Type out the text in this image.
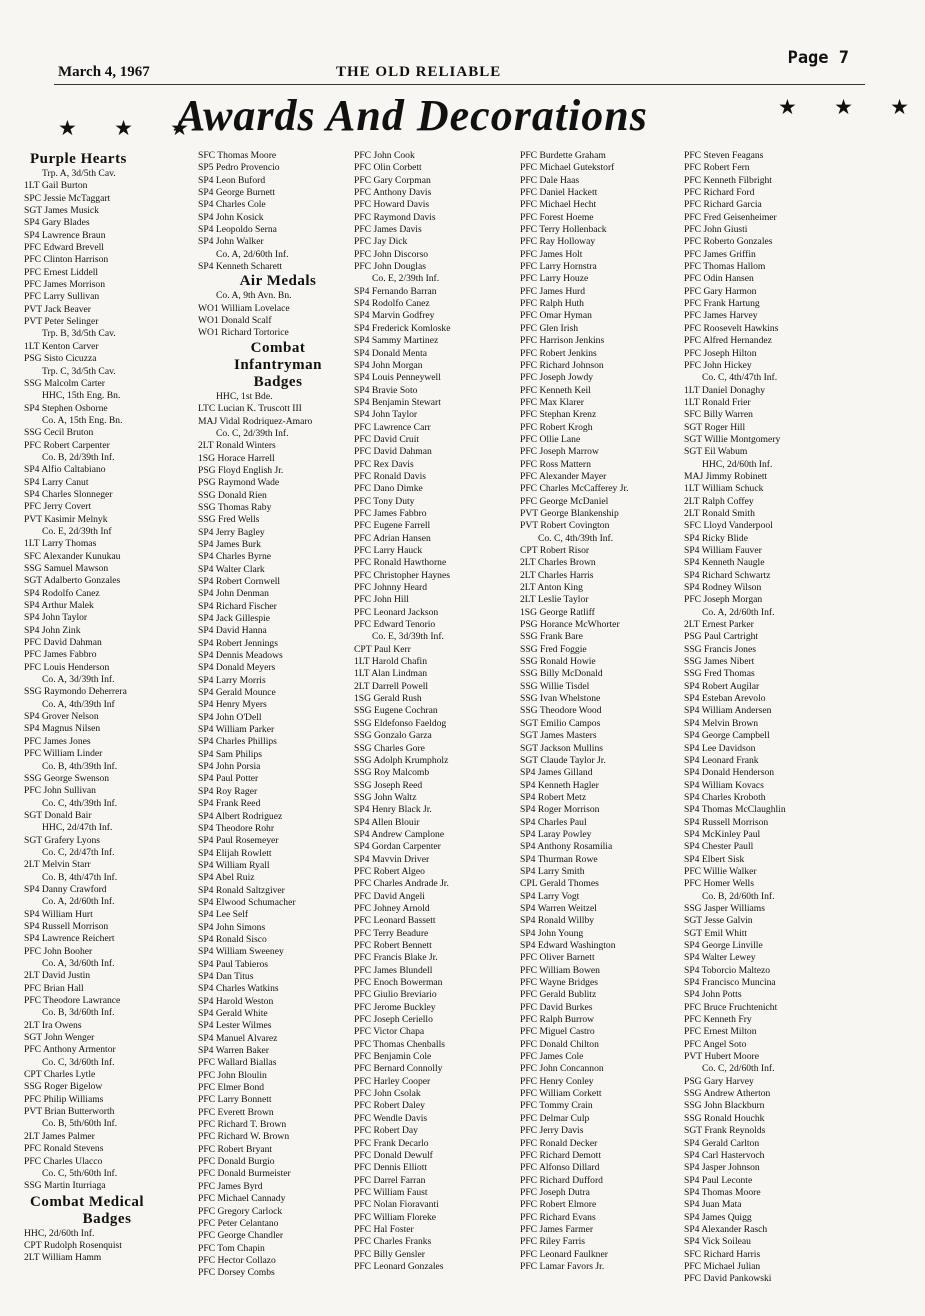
March 4, 1967	THE OLD RELIABLE
Page 7
★ ★ ★
★ ★ ★
Awards And Decorations
Purple Hearts
Trp. A, 3d/5th Cav.
1LT Gail Burton
SPC Jessie McTaggart
SGT James Musick
SP4 Gary Blades
SP4 Lawrence Braun
PFC Edward Brevell
PFC Clinton Harrison
PFC Ernest Liddell
PFC James Morrison
PFC Larry Sullivan
PVT Jack Beaver
PVT Peter Selinger
Trp. B, 3d/5th Cav.
1LT Kenton Carver
PSG Sisto Cicuzza
Trp. C, 3d/5th Cav.
SSG Malcolm Carter
HHC, 15th Eng. Bn.
SP4 Stephen Osborne
Co. A, 15th Eng. Bn.
SSG Cecil Bruton
PFC Robert Carpenter
Co. B, 2d/39th Inf.
SP4 Alfio Caltabiano
SP4 Larry Canut
SP4 Charles Slonneger
PFC Jerry Covert
PVT Kasimir Melnyk
Co. E, 2d/39th Inf
1LT Larry Thomas
SFC Alexander Kunukau
SSG Samuel Mawson
SGT Adalberto Gonzales
SP4 Rodolfo Canez
SP4 Arthur Malek
SP4 John Taylor
SP4 John Zink
PFC David Dahman
PFC James Fabbro
PFC Louis Henderson
Co. A, 3d/39th Inf.
SSG Raymondo Deherrera
Co. A, 4th/39th Inf
SP4 Grover Nelson
SP4 Magnus Nilsen
PFC James Jones
PFC William Linder
Co. B, 4th/39th Inf.
SSG George Swenson
PFC John Sullivan
Co. C, 4th/39th Inf.
SGT Donald Bair
HHC, 2d/47th Inf.
SGT Grafery Lyons
Co. C, 2d/47th Inf.
2LT Melvin Starr
Co. B, 4th/47th Inf.
SP4 Danny Crawford
Co. A, 2d/60th Inf.
SP4 William Hurt
SP4 Russell Morrison
SP4 Lawrence Reichert
PFC John Booher
Co. A, 3d/60th Inf.
2LT David Justin
PFC Brian Hall
PFC Theodore Lawrance
Co. B, 3d/60th Inf.
2LT Ira Owens
SGT John Wenger
PFC Anthony Armentor
Co. C, 3d/60th Inf.
CPT Charles Lytle
SSG Roger Bigelow
PFC Philip Williams
PVT Brian Butterworth
Co. B, 5th/60th Inf.
2LT James Palmer
PFC Ronald Stevens
PFC Charles Ulacco
Co. C, 5th/60th Inf.
SSG Martin Iturriaga
Combat Medical
Badges
HHC, 2d/60th Inf.
CPT Rudolph Rosenquist
2LT William Hamm
SFC Thomas Moore
SP5 Pedro Provencio
SP4 Leon Buford
SP4 George Burnett
SP4 Charles Cole
SP4 John Kosick
SP4 Leopoldo Serna
SP4 John Walker
Co. A, 2d/60th Inf.
SP4 Kenneth Scharett
Air Medals
Co. A, 9th Avn. Bn.
WO1 William Lovelace
WO1 Donald Scalf
WO1 Richard Tortorice
Combat
Infantryman
Badges
HHC, 1st Bde.
LTC Lucian K. Truscott III
MAJ Vidal Rodriquez-Amaro
Co. C, 2d/39th Inf.
2LT Ronald Winters
1SG Horace Harrell
PSG Floyd English Jr.
PSG Raymond Wade
SSG Donald Rien
SSG Thomas Raby
SSG Fred Wells
SP4 Jerry Bagley
SP4 James Burk
SP4 Charles Byrne
SP4 Walter Clark
SP4 Robert Cornwell
SP4 John Denman
SP4 Richard Fischer
SP4 Jack Gillespie
SP4 David Hanna
SP4 Robert Jennings
SP4 Dennis Meadows
SP4 Donald Meyers
SP4 Larry Morris
SP4 Gerald Mounce
SP4 Henry Myers
SP4 John O'Dell
SP4 William Parker
SP4 Charles Phillips
SP4 Sam Philips
SP4 John Porsia
SP4 Paul Potter
SP4 Roy Rager
SP4 Frank Reed
SP4 Albert Rodriguez
SP4 Theodore Rohr
SP4 Paul Rosemeyer
SP4 Elijah Rowlett
SP4 William Ryall
SP4 Abel Ruiz
SP4 Ronald Saltzgiver
SP4 Elwood Schumacher
SP4 Lee Self
SP4 John Simons
SP4 Ronald Sisco
SP4 William Sweeney
SP4 Paul Tabieros
SP4 Dan Titus
SP4 Charles Watkins
SP4 Harold Weston
SP4 Gerald White
SP4 Lester Wilmes
SP4 Manuel Alvarez
SP4 Warren Baker
PFC Wallard Biallas
PFC John Bloulin
PFC Elmer Bond
PFC Larry Bonnett
PFC Everett Brown
PFC Richard T. Brown
PFC Richard W. Brown
PFC Robert Bryant
PFC Donald Burgio
PFC Donald Burmeister
PFC James Byrd
PFC Michael Cannady
PFC Gregory Carlock
PFC Peter Celantano
PFC George Chandler
PFC Tom Chapin
PFC Hector Collazo
PFC Dorsey Combs
PFC John Cook
PFC Olin Corbett
PFC Gary Corpman
PFC Anthony Davis
PFC Howard Davis
PFC Raymond Davis
PFC James Davis
PFC Jay Dick
PFC John Discorso
PFC John Douglas
Co. E, 2/39th Inf.
SP4 Fernando Barran
SP4 Rodolfo Canez
SP4 Marvin Godfrey
SP4 Frederick Komloske
SP4 Sammy Martinez
SP4 Donald Menta
SP4 John Morgan
SP4 Louis Penneywell
SP4 Bravie Soto
SP4 Benjamin Stewart
SP4 John Taylor
PFC Lawrence Carr
PFC David Cruit
PFC David Dahman
PFC Rex Davis
PFC Ronald Davis
PFC Dano Dimke
PFC Tony Duty
PFC James Fabbro
PFC Eugene Farrell
PFC Adrian Hansen
PFC Larry Hauck
PFC Ronald Hawthorne
PFC Christopher Haynes
PFC Johnny Heard
PFC John Hill
PFC Leonard Jackson
PFC Edward Tenorio
Co. E, 3d/39th Inf.
CPT Paul Kerr
1LT Harold Chafin
1LT Alan Lindman
2LT Darrell Powell
1SG Gerald Rush
SSG Eugene Cochran
SSG Eldefonso Faeldog
SSG Gonzalo Garza
SSG Charles Gore
SSG Adolph Krumpholz
SSG Roy Malcomb
SSG Joseph Reed
SSG John Waltz
SP4 Henry Black Jr.
SP4 Allen Blouir
SP4 Andrew Camplone
SP4 Gordan Carpenter
SP4 Mavvin Driver
PFC Robert Algeo
PFC Charles Andrade Jr.
PFC David Angeli
PFC Johney Arnold
PFC Leonard Bassett
PFC Terry Beadure
PFC Robert Bennett
PFC Francis Blake Jr.
PFC James Blundell
PFC Enoch Bowerman
PFC Giulio Breviario
PFC Jerome Buckley
PFC Joseph Ceriello
PFC Victor Chapa
PFC Thomas Chenballs
PFC Benjamin Cole
PFC Bernard Connolly
PFC Harley Cooper
PFC John Csolak
PFC Robert Daley
PFC Wendle Davis
PFC Robert Day
PFC Frank Decarlo
PFC Donald Dewulf
PFC Dennis Elliott
PFC Darrel Farran
PFC William Faust
PFC Nolan Fioravanti
PFC William Floreke
PFC Hal Foster
PFC Charles Franks
PFC Billy Gensler
PFC Leonard Gonzales
PFC Burdette Graham
PFC Michael Gutekstorf
PFC Dale Haas
PFC Daniel Hackett
PFC Michael Hecht
PFC Forest Hoeme
PFC Terry Hollenback
PFC Ray Holloway
PFC James Holt
PFC Larry Hornstra
PFC Larry Houze
PFC James Hurd
PFC Ralph Huth
PFC Omar Hyman
PFC Glen Irish
PFC Harrison Jenkins
PFC Robert Jenkins
PFC Richard Johnson
PFC Joseph Jowdy
PFC Kenneth Keil
PFC Max Klarer
PFC Stephan Krenz
PFC Robert Krogh
PFC Ollie Lane
PFC Joseph Marrow
PFC Ross Mattern
PFC Alexander Mayer
PFC Charles McCafferey Jr.
PFC George McDaniel
PVT George Blankenship
PVT Robert Covington
Co. C, 4th/39th Inf.
CPT Robert Risor
2LT Charles Brown
2LT Charles Harris
2LT Anton King
2LT Leslie Taylor
1SG George Ratliff
PSG Horance McWhorter
SSG Frank Bare
SSG Fred Foggie
SSG Ronald Howie
SSG Billy McDonald
SSG Willie Tisdel
SSG Ivan Whelstone
SSG Theodore Wood
SGT Emilio Campos
SGT James Masters
SGT Jackson Mullins
SGT Claude Taylor Jr.
SP4 James Gilland
SP4 Kenneth Hagler
SP4 Robert Metz
SP4 Roger Morrison
SP4 Charles Paul
SP4 Laray Powley
SP4 Anthony Rosamilia
SP4 Thurman Rowe
SP4 Larry Smith
CPL Gerald Thomes
SP4 Larry Vogt
SP4 Warren Weitzel
SP4 Ronald Willby
SP4 John Young
SP4 Edward Washington
PFC Oliver Barnett
PFC William Bowen
PFC Wayne Bridges
PFC Gerald Bublitz
PFC David Burkes
PFC Ralph Burrow
PFC Miguel Castro
PFC Donald Chilton
PFC James Cole
PFC John Concannon
PFC Henry Conley
PFC William Corkett
PFC Tommy Crain
PFC Delmar Culp
PFC Jerry Davis
PFC Ronald Decker
PFC Richard Demott
PFC Alfonso Dillard
PFC Richard Dufford
PFC Joseph Dutra
PFC Robert Elmore
PFC Richard Evans
PFC James Farmer
PFC Riley Farris
PFC Leonard Faulkner
PFC Lamar Favors Jr.
PFC Steven Feagans
PFC Robert Fern
PFC Kenneth Filbright
PFC Richard Ford
PFC Richard Garcia
PFC Fred Geisenheimer
PFC John Giusti
PFC Roberto Gonzales
PFC James Griffin
PFC Thomas Hallom
PFC Odin Hansen
PFC Gary Harmon
PFC Frank Hartung
PFC James Harvey
PFC Roosevelt Hawkins
PFC Alfred Hernandez
PFC Joseph Hilton
PFC John Hickey
Co. C, 4th/47th Inf.
1LT Daniel Donaghy
1LT Ronald Frier
SFC Billy Warren
SGT Roger Hill
SGT Willie Montgomery
SGT Eil Wabum
HHC, 2d/60th Inf.
MAJ Jimmy Robinett
1LT William Schuck
2LT Ralph Coffey
2LT Ronald Smith
SFC Lloyd Vanderpool
SP4 Ricky Blide
SP4 William Fauver
SP4 Kenneth Naugle
SP4 Richard Schwartz
SP4 Rodney Wilson
PFC Joseph Morgan
Co. A, 2d/60th Inf.
2LT Ernest Parker
PSG Paul Cartright
SSG Francis Jones
SSG James Nibert
SSG Fred Thomas
SP4 Robert Augilar
SP4 Esteban Arevolo
SP4 William Andersen
SP4 Melvin Brown
SP4 George Campbell
SP4 Lee Davidson
SP4 Leonard Frank
SP4 Donald Henderson
SP4 William Kovacs
SP4 Charles Kroboth
SP4 Thomas McClaughlin
SP4 Russell Morrison
SP4 McKinley Paul
SP4 Chester Paull
SP4 Elbert Sisk
PFC Willie Walker
PFC Homer Wells
Co. B, 2d/60th Inf.
SSG Jasper Williams
SGT Jesse Galvin
SGT Emil Whitt
SP4 George Linville
SP4 Walter Lewey
SP4 Toborcio Maltezo
SP4 Francisco Muncina
SP4 John Potts
PFC Bruce Fruchtenicht
PFC Kenneth Fry
PFC Ernest Milton
PFC Angel Soto
PVT Hubert Moore
Co. C, 2d/60th Inf.
PSG Gary Harvey
SSG Andrew Atherton
SSG John Blackburn
SSG Ronald Houchk
SGT Frank Reynolds
SP4 Gerald Carlton
SP4 Carl Hastervoch
SP4 Jasper Johnson
SP4 Paul Leconte
SP4 Thomas Moore
SP4 Juan Mata
SP4 James Quigg
SP4 Alexander Rasch
SP4 Vick Soileau
SFC Richard Harris
PFC Michael Julian
PFC David Pankowski
